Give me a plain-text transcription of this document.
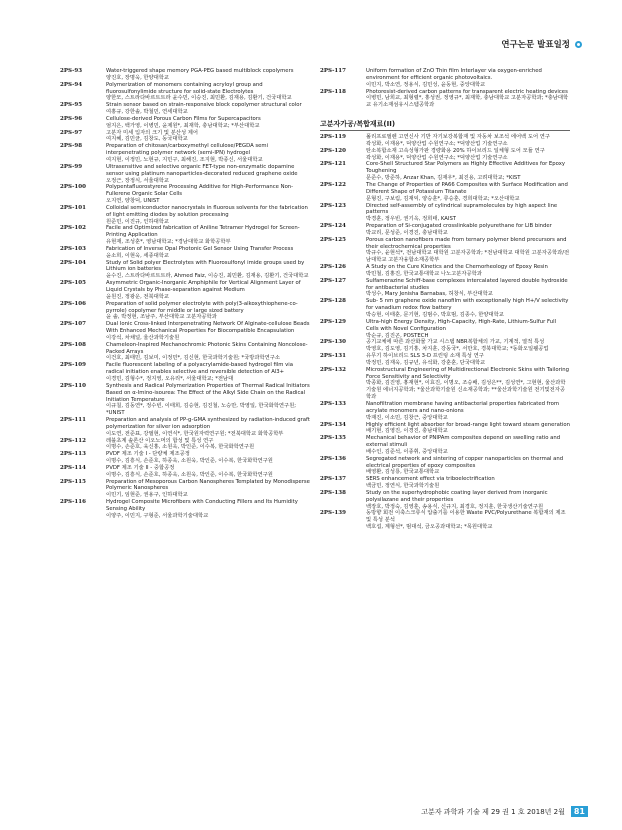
연구논문 발표일정
2PS-93	Water-triggered shape memory PGA-PEG based multiblock copolymers
양진호, 장명욱, 한양대학교
2PS-94	Polymerization of monomers containing acryloyl group and fluorosulfonylimide structure for solid-state Electrolytes
양한모, 스트라다바르트트라 윤수민, 이승진, 최민환, 김재용, 김환기, 건국대학교
2PS-95	Strain sensor based on strain-responsive block copolymer structural color
여홍규, 강한솔, 박철민, 연세대학교
2PS-96	Cellulose-derived Porous Carbon Films for Supercapacitors
엄지은, 백가영, 이병민, 윤제원*, 최재학, 충남대학교; *부산대학교
2PS-97	고분자 미세 입자의 크기 및 분산성 제어
여지혜, 김민균, 김창도, 동국대학교
2PS-98	Preparation of chitosan/carboxymethyl cellulose/PEGDA semi interpenetrating polymer network (semi-IPN) hydrogel
여지현, 이정민, 노현규, 지민구, 최해진, 조지현, 박종신, 서울대학교
2PS-99	Ultrasensitive and selective organic FET-type non-enzymatic dopamine sensor using platinum nanoparticles-decorated reduced graphene oxide
오정근, 장정식, 서울대학교
2PS-100	Polypentafluorostyrene Processing Additive for High-Performance Non-Fullerene Organic Solar Cells
오지연, 양창덕, UNIST
2PS-101	Colloidal semiconductor nanocrystals in fluorous solvents for the fabrication of light emitting diodes by solution processing
원준민, 이진규, 인하대학교
2PS-102	Facile and Optimized fabrication of Aniline Tetramer Hydrogel for Screen-Printing Application
유현재, 조성훈*, 영남대학교; *경남대학교 화학공학부
2PS-103	Fabrication of Inverse Opal Photonic Gel Sensor Using Transfer Process
윤소희, 이현욱, 세종대학교
2PS-104	Study of Solid polyer Electrolytes with Fluorosulfonyl imide groups used by Lithium ion batteries
윤수진, 스트라다바르트트라, Ahmed Faiz, 이승진, 최민환, 김재용, 김환기, 건국대학교
2PS-105	Asymmetric Organic-Inorganic Amphiphile for Vertical Alignment Layer of Liquid Crystals by Phase-separation against Medium
윤원진, 정광운, 전북대학교
2PS-106	Preparation of solid polymer electrolyte with poly(3-alkoxythiophene-co-pyrrole) copolymer for middle or large sized battery
윤 솔, 박정현, 조남주, 부산대학교 고분자공학과
2PS-107	Dual Ionic Cross-linked Interpenetrating Network Of Alginate-cellulose Beads With Enhanced Mechanical Properties For Biocompatible Encapsulation
이강석, 차채널, 울산과학기술원
2PS-108	Chameleon-Inspired Mechanochromic Photonic Skins Containing Noncolose-Packed Arrays
이건호, 최태민, 김보미, 이정민*, 김신현, 한국과학기술원; *국방과학연구소
2PS-109	Facile fluorescent labeling of a polyacrylamide-based hydrogel film via radical initiation enables selective and reversible detection of Al3+
이경민, 김형수*, 정지영, 오유리*, 서울대학교; *전남대
2PS-110	Synthesis and Radical Polymerization Properties of Thermal Radical Initiators Based on α-Imino-isourea: The Effect of the Alkyl Side Chain on the Radical Initiation Temperature
이규칠, 김동연*, 정수빈, 이태희, 김승현, 김진철, 노승만, 박영일, 한국화학연구원; *UNIST
2PS-111	Preparation and analysis of PP-g-GMA synthesized by radiation-induced graft polymerization for silver ion adsorption
이도연, 전준표, 강필현, 이연식*, 한국원자력연구원; *전북대학교 화학공학부
2PS-112	레블초계 솔론산 이오노머의 합성 및 특성 연구
이명수, 손준호, 육신홍, 소원욱, 박인준, 이수복, 한국화학연구원
2PS-113	PVDF 제조 기술 I - 단량체 제조공정
이명수, 김흥식, 손준호, 하종욱, 소원욱, 박인준, 이수복, 한국화학연구원
2PS-114	PVDF 제조 기술 II - 중합공정
이명수, 김흥식, 손준호, 하종욱, 소원욱, 박인준, 이수복, 한국화학연구원
2PS-115	Preparation of Mesoporous Carbon Nanospheres Templated by Monodisperse Polymeric Nanospheres
이민기, 임현준, 권용구, 인하대학교
2PS-116	Hydrogel Composite Microfibers with Conducting Fillers and Its Humidity Sensing Ability
이양주, 이민지, 구형준, 서울과학기술대학교
2PS-117	Uniform formation of ZnO Thin film Interlayer via oxygen-enriched environment for efficient organic photovoltaics.
이민지, 박소연, 정용식, 김민성, 윤동현, 중앙대학교
2PS-118	Photoresist-derived carbon patterns for transparent electric heating devices
이병민, 남희교, 최형렬*, 홍성권, 정영규*, 최재학, 충남대학교 고분자공학과; *충남대학교 유기소재섬유시스템공학과
고분자가공/복합재료(II)
2PS-119	폴리프로필렌 고연신사 기반 자기보강복합재 및 자동차 보조석 에어백 도어 연구
곽성화, 이재용*, 덕양산업 수원연구소; *덕양산업 기술연구소
2PS-120	탄소복합소재 고속성형가판 경량화용 20% 하이브리드 일체형 도어 모듈 연구
곽성화, 이재용*, 덕양산업 수원연구소; *덕양산업 기술연구소
2PS-121	Core-Shell Structured Star Polymers as Highly Effective Additives for Epoxy Toughening
문준수, 방준하, Anzar Khan, 김재우*, 최진용, 고려대학교; *KIST
2PS-122	The Change of Properties of PA66 Composites with Surface Modification and Different Shape of Potassium Titanate
문형진, 구보림, 김재익, 양승훈*, 류승훈, 경희대학교; *오산대학교
2PS-123	Directed self-assembly of cylindrical supramolecules by high aspect line patterns
박경훈, 정우빈, 권기옥, 정희태, KAIST
2PS-124	Preparation of Si-conjugated crosslinkable polyurethane for LIB binder
박교리, 문성준, 이경진, 충남대학교
2PS-125	Porous carbon nanofibers made from ternary polymer blend precursors and their electrochemical properties
박규수, 윤현석*, 전남대학교 대학원 고분자공학과; *전남대학교 대학원 고분자공학과/전남대학교 고분자융합소재공학부
2PS-126	A Study on the Cure Kinetics and the Chemorheology of Epoxy Resin
박민철, 김홍진, 한국교통대학교 나노고분자공학과
2PS-127	Sulfamerazine Schiff-base complexes intercalated layered double hydroxide for antibacterial studies
박성수, Mary Jenisha Barnabas, 허창식, 부산대학교
2PS-128	Sub- 5 nm graphene oxide nanofilm with exceptionally high H+/V selectivity for vanadium redox flow battery
박승현, 이태훈, 문기현, 김범수, 박호범, 김종수, 한양대학교
2PS-129	Ultra-high Energy Density, High-Capacity, High-Rate, Lithium-Sulfur Full Cells with Novel Configuration
박순규, 김진곤, POSTECH
2PS-130	공기교체에 따른 과산화물 가교 시스템 NBR복합체의 가교, 기계적, 열적 특성
박영호, 김도영, 김기홍, 차지훈, 강동국*, 서만호, 경북대학교; *동화오일웰공업
2PS-131	유무기 하이브리드 SLS 3-D 프린팅 소재 특성 연구
박정민, 김재욱, 김규년, 유석화, 강훈훈, 단국대학교
2PS-132	Microstructural Engineering of Multidirectional Electronic Skins with Tailoring Force Sensitivity and Selectivity
박종화, 김진영, 홍재현*, 이효진, 이명오, 조승배, 김성은**, 김성연*, 그현현, 울산과학기술원 에너지공학과; *울산과학기술원 신소재공학과; **울산과학기술원 전기및전자공학과
2PS-133	Nanofiltration membrane having antibacterial properties fabricated from acrylate monomers and nano-onions
박재진, 이소민, 김창근, 중앙대학교
2PS-134	Highly efficient light absorber for broad-range light toward steam generation
배기현, 김영진, 이경진, 충남대학교
2PS-135	Mechanical behavior of PNIPAm composites depend on swelling ratio and external stimuli
배수인, 김준석, 이종휘, 중앙대학교
2PS-136	Segregated network and sintering of copper nanoparticles on thermal and electrical properties of epoxy composites
배영환, 김성룡, 한국교통대학교
2PS-137	SERS enhancement effect via triboelectrification
백금민, 정연식, 한국과학기술원
2PS-138	Study on the superhydrophobic coating layer derived from inorganic polysilazane and their properties
백장호, 박정숙, 김영훈, 송용식, 신규지, 최경호, 정지훈, 한국생산기술연구원
2PS-139	동방향 회전 이축스크류식 압출기를 이용한 Waste PVC/Polyurethane 복합재의 제조 및 특성 분석
백호섭, 계형선*, 범대석, 금오공과대학교; *목원대학교
고분자 과학과 기술 제 29 권 1 호 2018년 2월	81
